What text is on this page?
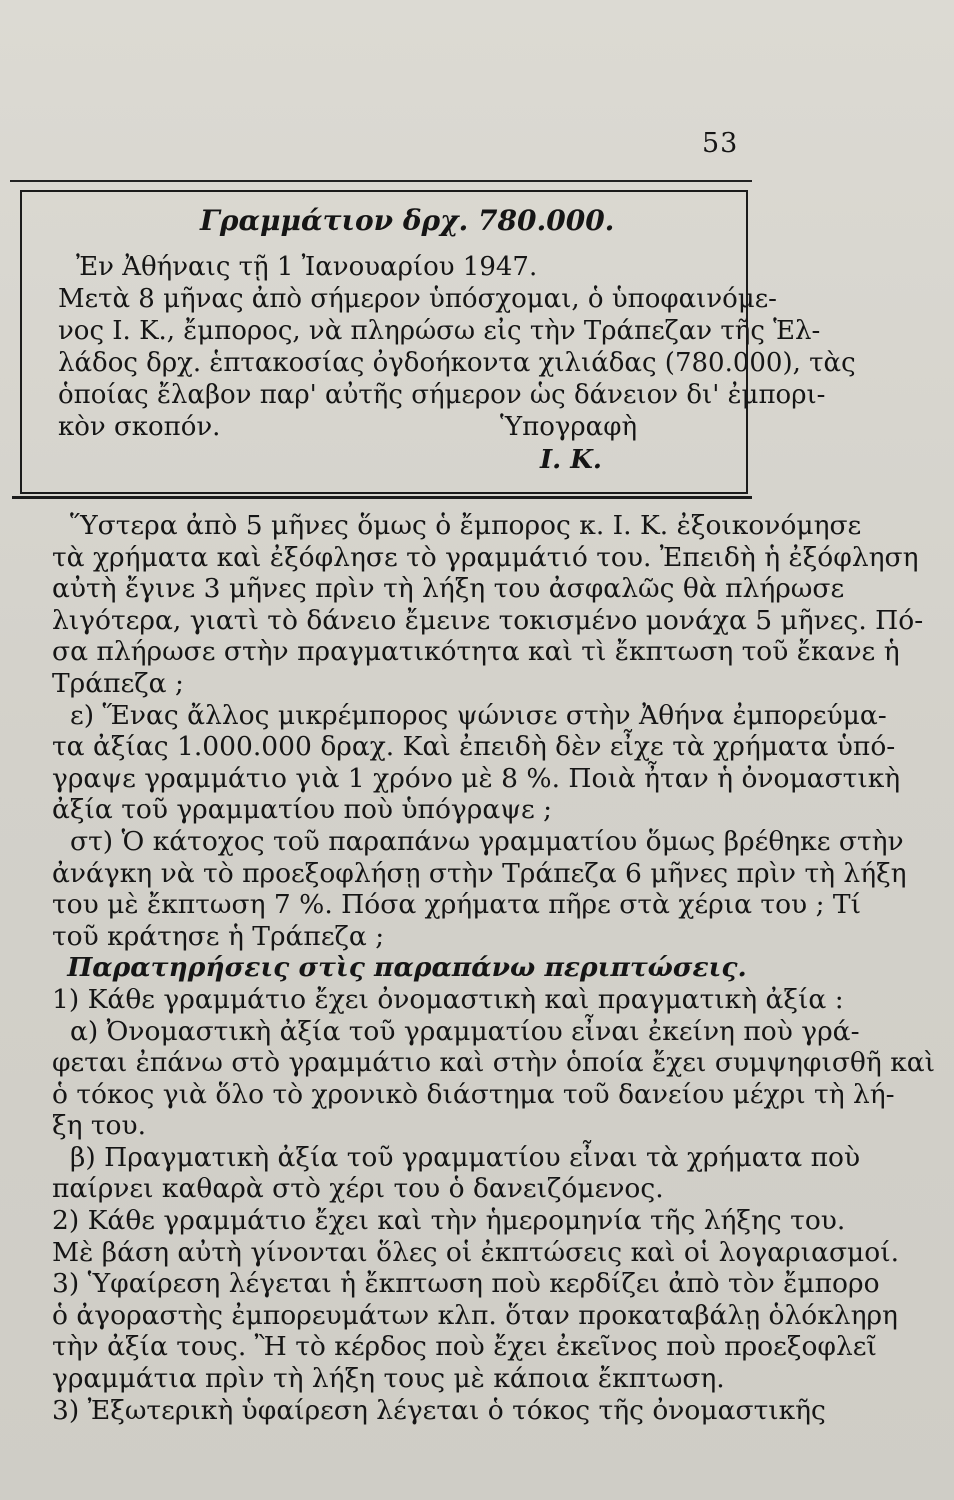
53
Γραμμάτιον δρχ. 780.000.
Ἐν Ἀθήναις τῇ 1 Ἰανουαρίου 1947.
Μετὰ 8 μῆνας ἀπὸ σήμερον ὑπόσχομαι, ὁ ὑποφαινόμε-
νος Ι. Κ., ἔμπορος, νὰ πληρώσω εἰς τὴν Τράπεζαν τῆς Ἑλ-
λάδος δρχ. ἑπτακοσίας ὀγδοήκοντα χιλιάδας (780.000), τὰς
ὁποίας ἔλαβον παρ' αὐτῆς σήμερον ὡς δάνειον δι' ἐμπορι-
κὸν σκοπόν.	Ὑπογραφὴ
Ι. Κ.
Ὕστερα ἀπὸ 5 μῆνες ὅμως ὁ ἔμπορος κ. Ι. Κ. ἐξοικονόμησε
τὰ χρήματα καὶ ἐξόφλησε τὸ γραμμάτιό του. Ἐπειδὴ ἡ ἐξόφληση
αὐτὴ ἔγινε 3 μῆνες πρὶν τὴ λήξη του ἀσφαλῶς θὰ πλήρωσε
λιγότερα, γιατὶ τὸ δάνειο ἔμεινε τοκισμένο μονάχα 5 μῆνες. Πό-
σα πλήρωσε στὴν πραγματικότητα καὶ τὶ ἔκπτωση τοῦ ἔκανε ἡ
Τράπεζα ;
ε) Ἕνας ἄλλος μικρέμπορος ψώνισε στὴν Ἀθήνα ἐμπορεύμα-
τα ἀξίας 1.000.000 δραχ. Καὶ ἐπειδὴ δὲν εἶχε τὰ χρήματα ὑπό-
γραψε γραμμάτιο γιὰ 1 χρόνο μὲ 8 %. Ποιὰ ἦταν ἡ ὀνομαστικὴ
ἀξία τοῦ γραμματίου ποὺ ὑπόγραψε ;
στ) Ὁ κάτοχος τοῦ παραπάνω γραμματίου ὅμως βρέθηκε στὴν
ἀνάγκη νὰ τὸ προεξοφλήσῃ στὴν Τράπεζα 6 μῆνες πρὶν τὴ λήξη
του μὲ ἔκπτωση 7 %. Πόσα χρήματα πῆρε στὰ χέρια του ; Τί
τοῦ κράτησε ἡ Τράπεζα ;
Παρατηρήσεις στὶς παραπάνω περιπτώσεις.
1) Κάθε γραμμάτιο ἔχει ὀνομαστικὴ καὶ πραγματικὴ ἀξία :
α) Ὀνομαστικὴ ἀξία τοῦ γραμματίου εἶναι ἐκείνη ποὺ γρά-
φεται ἐπάνω στὸ γραμμάτιο καὶ στὴν ὁποία ἔχει συμψηφισθῆ καὶ
ὁ τόκος γιὰ ὅλο τὸ χρονικὸ διάστημα τοῦ δανείου μέχρι τὴ λή-
ξη του.
β) Πραγματικὴ ἀξία τοῦ γραμματίου εἶναι τὰ χρήματα ποὺ
παίρνει καθαρὰ στὸ χέρι του ὁ δανειζόμενος.
2) Κάθε γραμμάτιο ἔχει καὶ τὴν ἡμερομηνία τῆς λήξης του.
Μὲ βάση αὐτὴ γίνονται ὅλες οἱ ἐκπτώσεις καὶ οἱ λογαριασμοί.
3) Ὑφαίρεση λέγεται ἡ ἔκπτωση ποὺ κερδίζει ἀπὸ τὸν ἔμπορο
ὁ ἀγοραστὴς ἐμπορευμάτων κλπ. ὅταν προκαταβάλῃ ὁλόκληρη
τὴν ἀξία τους. Ἢ τὸ κέρδος ποὺ ἔχει ἐκεῖνος ποὺ προεξοφλεῖ
γραμμάτια πρὶν τὴ λήξη τους μὲ κάποια ἔκπτωση.
3) Ἐξωτερικὴ ὑφαίρεση λέγεται ὁ τόκος τῆς ὀνομαστικῆς
